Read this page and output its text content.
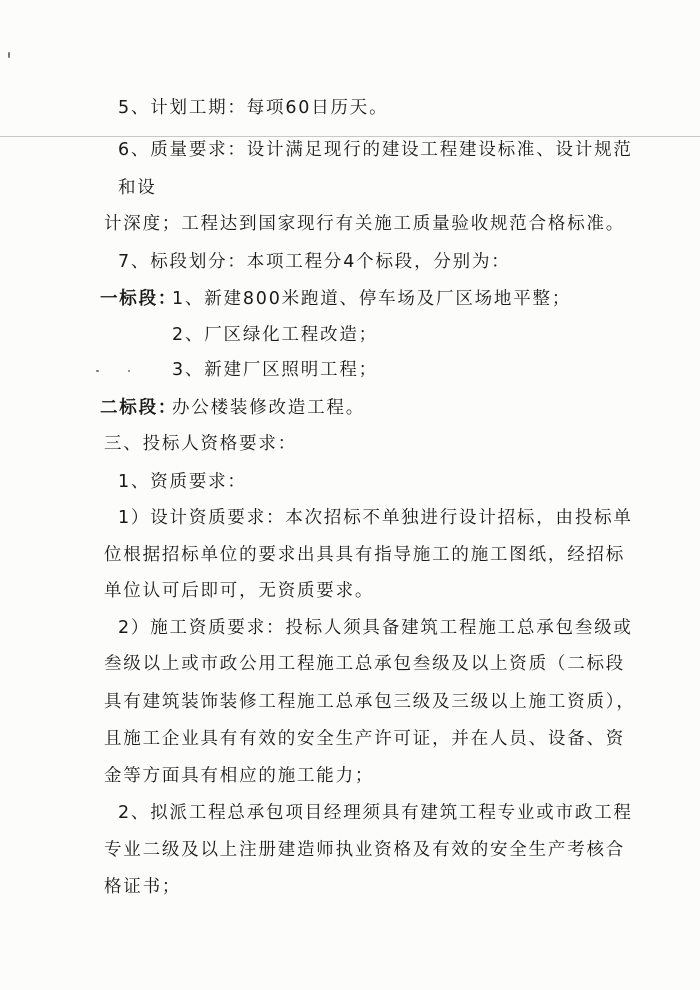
5、计划工期：每项60日历天。
6、质量要求：设计满足现行的建设工程建设标准、设计规范
和设
计深度；工程达到国家现行有关施工质量验收规范合格标准。
7、标段划分：本项工程分4个标段，分别为：
一标段：
1、新建800米跑道、停车场及厂区场地平整；
2、厂区绿化工程改造；
3、新建厂区照明工程；
二标段：
办公楼装修改造工程。
三、投标人资格要求：
1、资质要求：
1）设计资质要求：本次招标不单独进行设计招标，由投标单
位根据招标单位的要求出具具有指导施工的施工图纸，经招标
单位认可后即可，无资质要求。
2）施工资质要求：投标人须具备建筑工程施工总承包叁级或
叁级以上或市政公用工程施工总承包叁级及以上资质（二标段
具有建筑装饰装修工程施工总承包三级及三级以上施工资质），
且施工企业具有有效的安全生产许可证，并在人员、设备、资
金等方面具有相应的施工能力；
2、拟派工程总承包项目经理须具有建筑工程专业或市政工程
专业二级及以上注册建造师执业资格及有效的安全生产考核合
格证书；
